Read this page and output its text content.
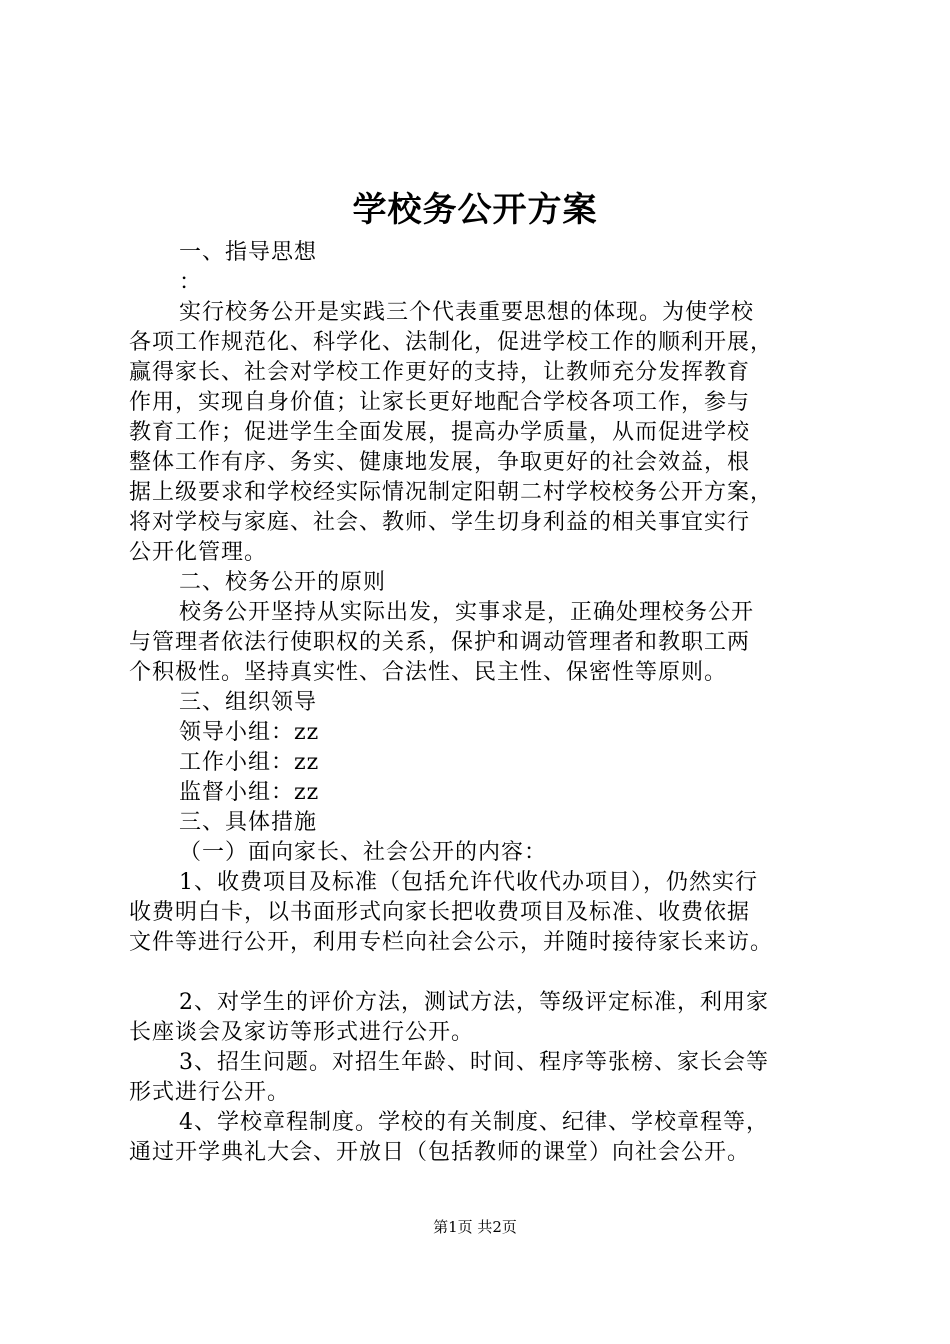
学校务公开方案
一、指导思想
：
实行校务公开是实践三个代表重要思想的体现。为使学校
各项工作规范化、科学化、法制化，促进学校工作的顺利开展，
赢得家长、社会对学校工作更好的支持，让教师充分发挥教育
作用，实现自身价值；让家长更好地配合学校各项工作，参与
教育工作；促进学生全面发展，提高办学质量，从而促进学校
整体工作有序、务实、健康地发展，争取更好的社会效益，根
据上级要求和学校经实际情况制定阳朝二村学校校务公开方案，
将对学校与家庭、社会、教师、学生切身利益的相关事宜实行
公开化管理。
二、校务公开的原则
校务公开坚持从实际出发，实事求是，正确处理校务公开
与管理者依法行使职权的关系，保护和调动管理者和教职工两
个积极性。坚持真实性、合法性、民主性、保密性等原则。
三、组织领导
领导小组：zz
工作小组：zz
监督小组：zz
三、具体措施
（一）面向家长、社会公开的内容：
1、收费项目及标准（包括允许代收代办项目），仍然实行
收费明白卡，以书面形式向家长把收费项目及标准、收费依据
文件等进行公开，利用专栏向社会公示，并随时接待家长来访。
2、对学生的评价方法，测试方法，等级评定标准，利用家
长座谈会及家访等形式进行公开。
3、招生问题。对招生年龄、时间、程序等张榜、家长会等
形式进行公开。
4、学校章程制度。学校的有关制度、纪律、学校章程等，
通过开学典礼大会、开放日（包括教师的课堂）向社会公开。
第1页 共2页
